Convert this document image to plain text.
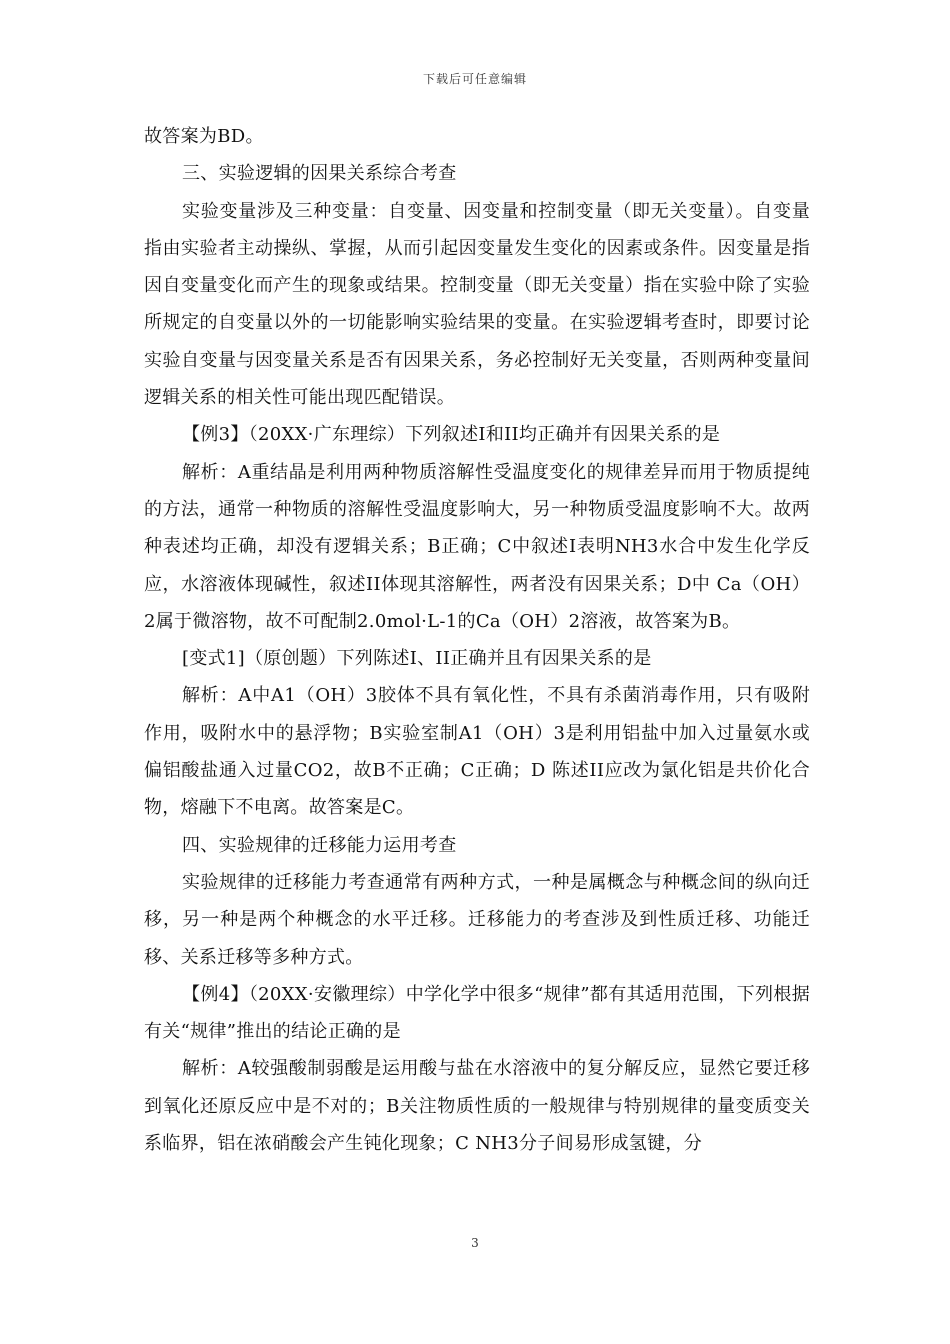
下载后可任意编辑

故答案为BD。

三、实验逻辑的因果关系综合考查

实验变量涉及三种变量：自变量、因变量和控制变量（即无关变量）。自变量指由实验者主动操纵、掌握，从而引起因变量发生变化的因素或条件。因变量是指因自变量变化而产生的现象或结果。控制变量（即无关变量）指在实验中除了实验所规定的自变量以外的一切能影响实验结果的变量。在实验逻辑考查时，即要讨论实验自变量与因变量关系是否有因果关系，务必控制好无关变量，否则两种变量间逻辑关系的相关性可能出现匹配错误。

【例3】（20XX·广东理综）下列叙述I和II均正确并有因果关系的是

解析：A重结晶是利用两种物质溶解性受温度变化的规律差异而用于物质提纯的方法，通常一种物质的溶解性受温度影响大，另一种物质受温度影响不大。故两种表述均正确，却没有逻辑关系；B正确；C中叙述I表明NH3水合中发生化学反应，水溶液体现碱性，叙述II体现其溶解性，两者没有因果关系；D中 Ca（OH）2属于微溶物，故不可配制2.0mol·L-1的Ca（OH）2溶液，故答案为B。

[变式1]（原创题）下列陈述I、II正确并且有因果关系的是

解析：A中A1（OH）3胶体不具有氧化性，不具有杀菌消毒作用，只有吸附作用，吸附水中的悬浮物；B实验室制A1（OH）3是利用铝盐中加入过量氨水或偏铝酸盐通入过量CO2，故B不正确；C正确；D 陈述II应改为氯化铝是共价化合物，熔融下不电离。故答案是C。

四、实验规律的迁移能力运用考查

实验规律的迁移能力考查通常有两种方式，一种是属概念与种概念间的纵向迁移，另一种是两个种概念的水平迁移。迁移能力的考查涉及到性质迁移、功能迁移、关系迁移等多种方式。

【例4】（20XX·安徽理综）中学化学中很多“规律”都有其适用范围，下列根据有关“规律”推出的结论正确的是

解析：A较强酸制弱酸是运用酸与盐在水溶液中的复分解反应，显然它要迁移到氧化还原反应中是不对的；B关注物质性质的一般规律与特别规律的量变质变关系临界，铝在浓硝酸会产生钝化现象；C NH3分子间易形成氢键，分

3
